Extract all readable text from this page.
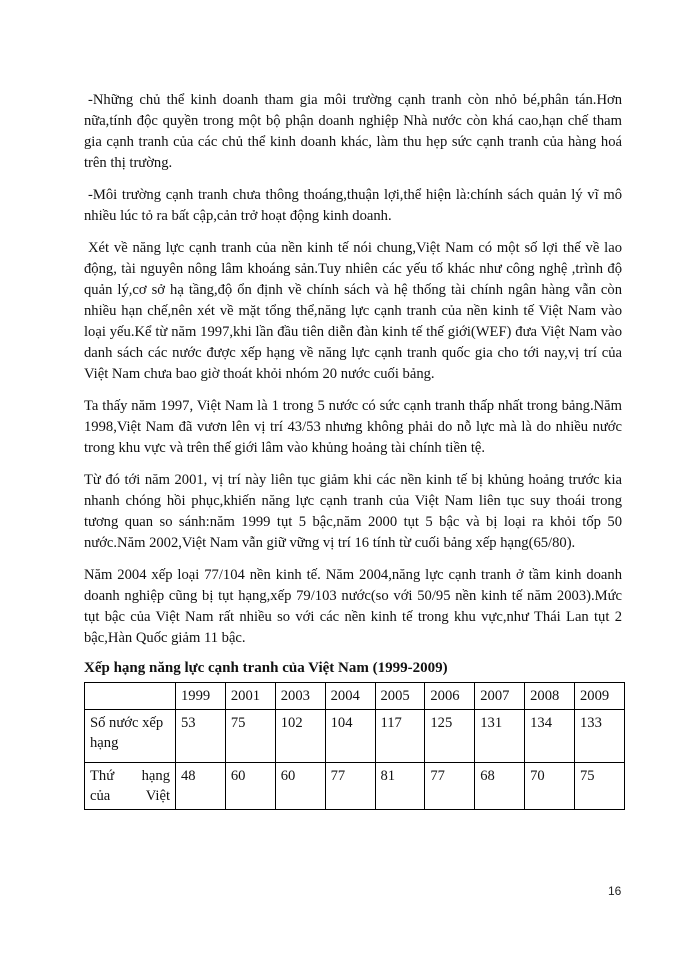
-Những chủ thể kinh doanh tham gia môi trường cạnh tranh còn nhỏ bé,phân tán.Hơn nữa,tính độc quyền trong một bộ phận doanh nghiệp Nhà nước còn khá cao,hạn chế tham gia cạnh tranh của các chủ thể kinh doanh khác, làm thu hẹp sức cạnh tranh của hàng hoá trên thị trường.

-Môi trường cạnh tranh chưa thông thoáng,thuận lợi,thể hiện là:chính sách quản lý vĩ mô nhiều lúc tỏ ra bất cập,cản trở hoạt động kinh doanh.

Xét về năng lực cạnh tranh của nền kinh tế nói chung,Việt Nam có một số lợi thế về lao động, tài nguyên nông lâm khoáng sản.Tuy nhiên các yếu tố khác như công nghệ ,trình độ quản lý,cơ sở hạ tầng,độ ổn định về chính sách và hệ thống tài chính ngân hàng vẫn còn nhiều hạn chế,nên xét về mặt tổng thể,năng lực cạnh tranh của nền kinh tế Việt Nam vào loại yếu.Kể từ năm 1997,khi lần đầu tiên diễn đàn kinh tế thế giới(WEF) đưa Việt Nam vào danh sách các nước được xếp hạng về năng lực cạnh tranh quốc gia cho tới nay,vị trí của Việt Nam chưa bao giờ thoát khỏi nhóm 20 nước cuối bảng.

Ta thấy năm 1997, Việt Nam là 1 trong 5 nước có sức cạnh tranh thấp nhất trong bảng.Năm 1998,Việt Nam đã vươn lên vị trí 43/53 nhưng không phải do nỗ lực mà là do nhiều nước trong khu vực và trên thế giới lâm vào khủng hoảng tài chính tiền tệ.

Từ đó tới năm 2001, vị trí này liên tục giảm khi các nền kinh tế bị khủng hoảng trước kia nhanh chóng hồi phục,khiến năng lực cạnh tranh của Việt Nam liên tục suy thoái trong tương quan so sánh:năm 1999 tụt 5 bậc,năm 2000 tụt 5 bậc và bị loại ra khỏi tốp 50 nước.Năm 2002,Việt Nam vẫn giữ vững vị trí 16 tính từ cuối bảng xếp hạng(65/80).

Năm 2004 xếp loại 77/104 nền kinh tế. Năm 2004,năng lực cạnh tranh ở tầm kinh doanh doanh nghiệp cũng bị tụt hạng,xếp 79/103 nước(so với 50/95 nền kinh tế năm 2003).Mức tụt bậc của Việt Nam rất nhiều so với các nền kinh tế trong khu vực,như Thái Lan tụt 2 bậc,Hàn Quốc giảm 11 bậc.

Xếp hạng năng lực cạnh tranh của Việt Nam (1999-2009)
	1999	2001	2003	2004	2005	2006	2007	2008	2009
Số nước xếp hạng	53	75	102	104	117	125	131	134	133
Thứ hạng của Việt	48	60	60	77	81	77	68	70	75
16
